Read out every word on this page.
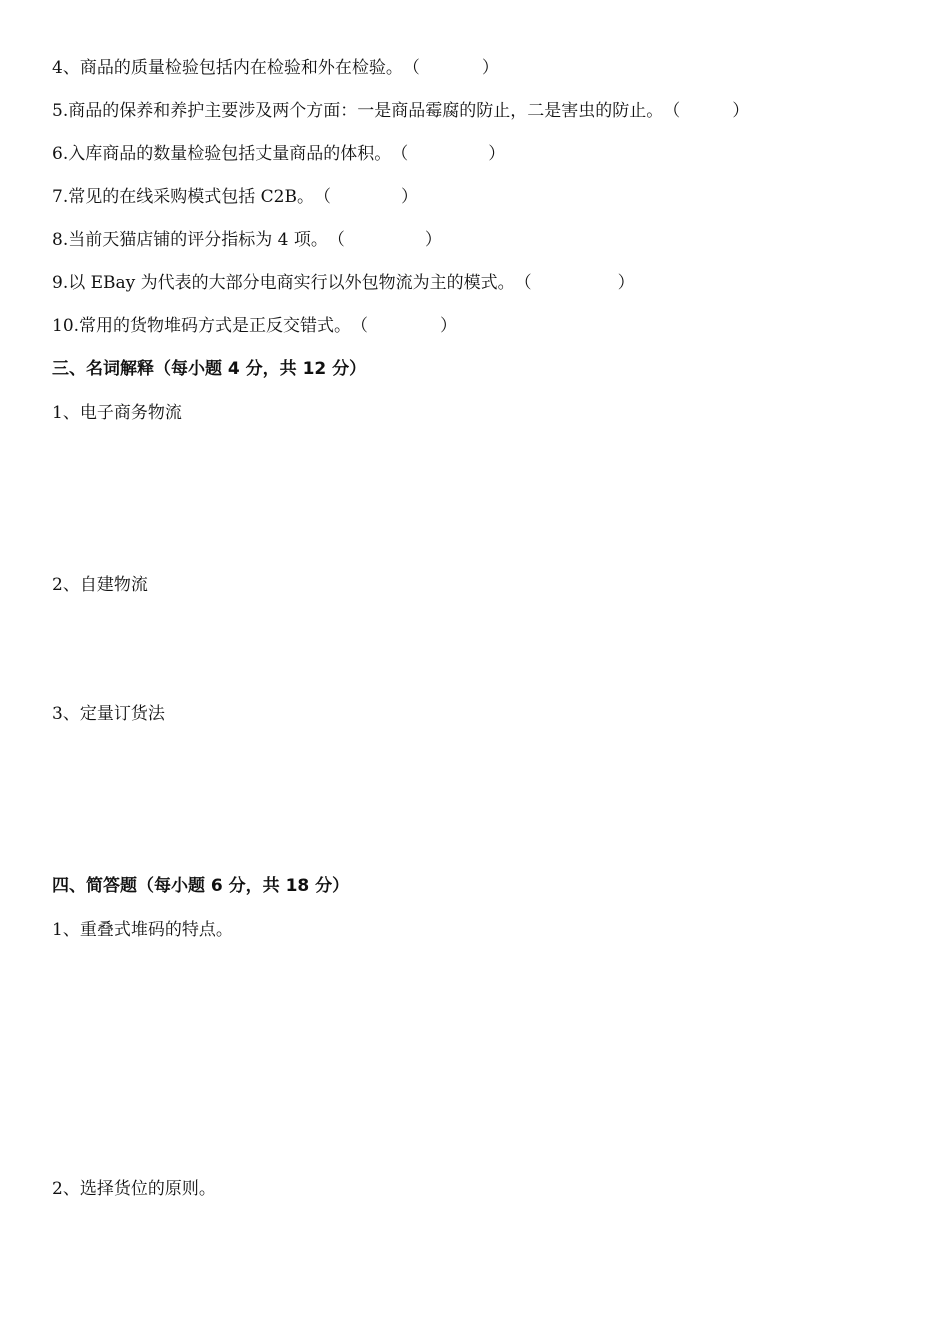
4、商品的质量检验包括内在检验和外在检验。（	）
5.商品的保养和养护主要涉及两个方面：一是商品霉腐的防止，二是害虫的防止。（	）
6.入库商品的数量检验包括丈量商品的体积。（	）
7.常见的在线采购模式包括 C2B。（	）
8.当前天猫店铺的评分指标为 4 项。（	）
9.以 EBay 为代表的大部分电商实行以外包物流为主的模式。（	）
10.常用的货物堆码方式是正反交错式。（	）
三、名词解释（每小题 4 分，共 12 分）
1、电子商务物流
2、自建物流
3、定量订货法
四、简答题（每小题 6 分，共 18 分）
1、重叠式堆码的特点。
2、选择货位的原则。
